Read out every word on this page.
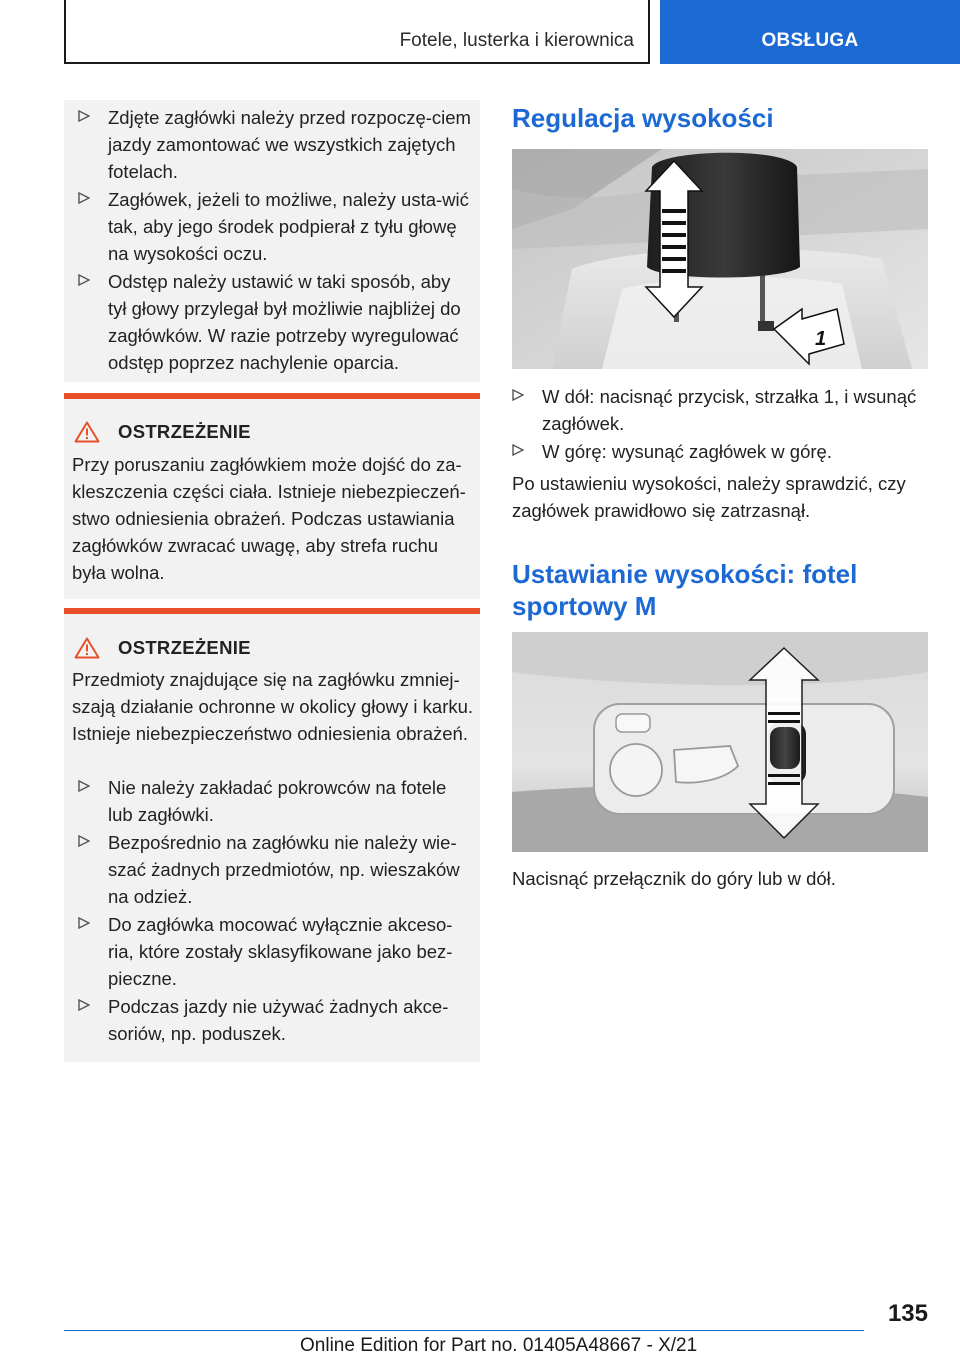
Fotele, lusterka i kierownica	OBSŁUGA
Zdjęte zagłówki należy przed rozpoczę-ciem jazdy zamontować we wszystkich zajętych fotelach.
Zagłówek, jeżeli to możliwe, należy usta-wić tak, aby jego środek podpierał z tyłu głowę na wysokości oczu.
Odstęp należy ustawić w taki sposób, aby tył głowy przylegał był możliwie najbliżej do zagłówków. W razie potrzeby wyregulować odstęp poprzez nachylenie oparcia.
OSTRZEŻENIE
Przy poruszaniu zagłówkiem może dojść do za-kleszczenia części ciała. Istnieje niebezpieczeń-stwo odniesienia obrażeń. Podczas ustawiania zagłówków zwracać uwagę, aby strefa ruchu była wolna.
OSTRZEŻENIE
Przedmioty znajdujące się na zagłówku zmniej-szają działanie ochronne w okolicy głowy i karku. Istnieje niebezpieczeństwo odniesienia obrażeń.
Nie należy zakładać pokrowców na fotele lub zagłówki.
Bezpośrednio na zagłówku nie należy wie-szać żadnych przedmiotów, np. wieszaków na odzież.
Do zagłówka mocować wyłącznie akceso-ria, które zostały sklasyfikowane jako bez-pieczne.
Podczas jazdy nie używać żadnych akce-soriów, np. poduszek.
Regulacja wysokości
1
W dół: nacisnąć przycisk, strzałka 1, i wsunąć zagłówek.
W górę: wysunąć zagłówek w górę.
Po ustawieniu wysokości, należy sprawdzić, czy zagłówek prawidłowo się zatrzasnął.
Ustawianie wysokości: fotel
sportowy M
Nacisnąć przełącznik do góry lub w dół.
135
Online Edition for Part no. 01405A48667 - X/21
